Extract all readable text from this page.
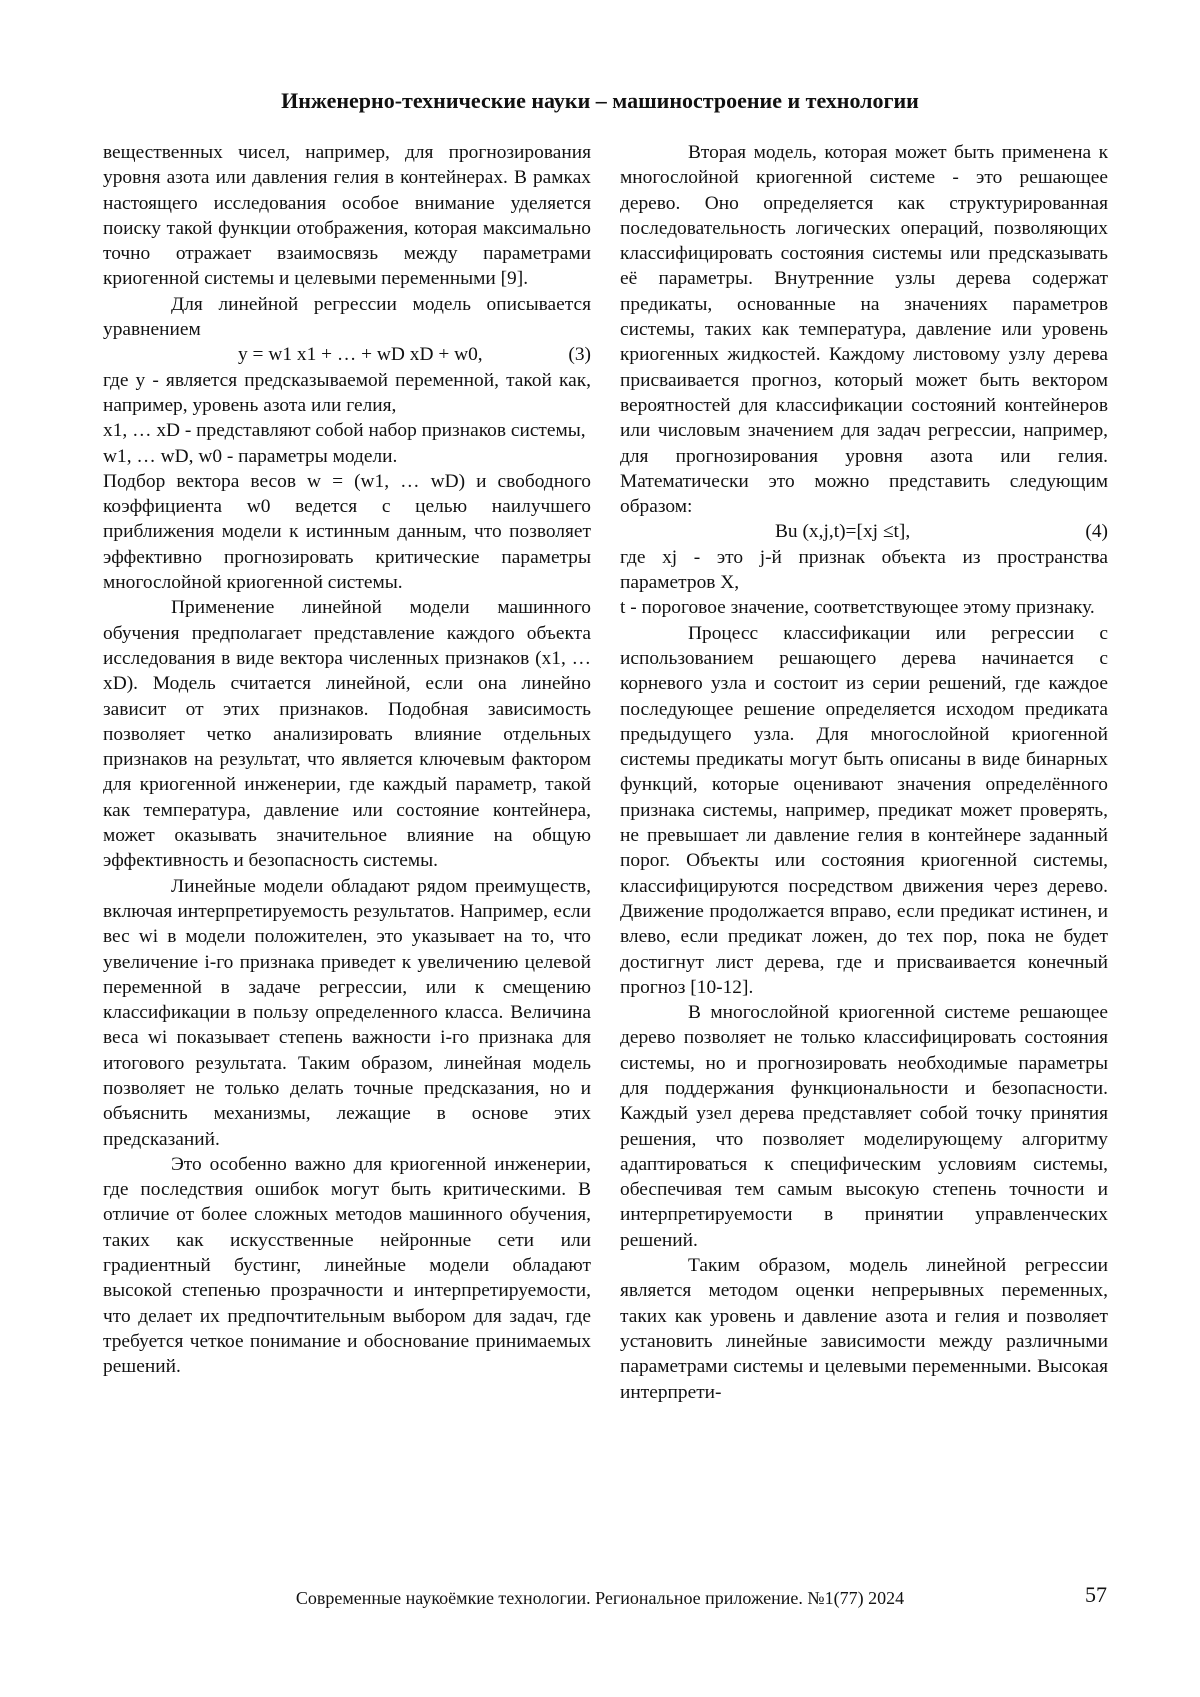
Инженерно-технические науки – машиностроение и технологии

вещественных чисел, например, для прогнозирования уровня азота или давления гелия в контейнерах. В рамках настоящего исследования особое внимание уделяется поиску такой функции отображения, которая максимально точно отражает взаимосвязь между параметрами криогенной системы и целевыми переменными [9].

Для линейной регрессии модель описывается уравнением

y = w1 x1 + … + wD xD + w0,	(3)

где y - является предсказываемой переменной, такой как, например, уровень азота или гелия,

x1, … xD - представляют собой набор признаков системы,

w1, … wD, w0 - параметры модели.

Подбор вектора весов w = (w1, … wD) и свободного коэффициента w0 ведется с целью наилучшего приближения модели к истинным данным, что позволяет эффективно прогнозировать критические параметры многослойной криогенной системы.

Применение линейной модели машинного обучения предполагает представление каждого объекта исследования в виде вектора численных признаков (x1, … xD). Модель считается линейной, если она линейно зависит от этих признаков. Подобная зависимость позволяет четко анализировать влияние отдельных признаков на результат, что является ключевым фактором для криогенной инженерии, где каждый параметр, такой как температура, давление или состояние контейнера, может оказывать значительное влияние на общую эффективность и безопасность системы.

Линейные модели обладают рядом преимуществ, включая интерпретируемость результатов. Например, если вес wi в модели положителен, это указывает на то, что увеличение i-го признака приведет к увеличению целевой переменной в задаче регрессии, или к смещению классификации в пользу определенного класса. Величина веса wi показывает степень важности i-го признака для итогового результата. Таким образом, линейная модель позволяет не только делать точные предсказания, но и объяснить механизмы, лежащие в основе этих предсказаний.

Это особенно важно для криогенной инженерии, где последствия ошибок могут быть критическими. В отличие от более сложных методов машинного обучения, таких как искусственные нейронные сети или градиентный бустинг, линейные модели обладают высокой степенью прозрачности и интерпретируемости, что делает их предпочтительным выбором для задач, где требуется четкое понимание и обоснование принимаемых решений.

Вторая модель, которая может быть применена к многослойной криогенной системе - это решающее дерево. Оно определяется как структурированная последовательность логических операций, позволяющих классифицировать состояния системы или предсказывать её параметры. Внутренние узлы дерева содержат предикаты, основанные на значениях параметров системы, таких как температура, давление или уровень криогенных жидкостей. Каждому листовому узлу дерева присваивается прогноз, который может быть вектором вероятностей для классификации состояний контейнеров или числовым значением для задач регрессии, например, для прогнозирования уровня азота или гелия. Математически это можно представить следующим образом:

Bu (x,j,t)=[xj ≤t],	(4)

где xj - это j-й признак объекта из пространства параметров X,

t - пороговое значение, соответствующее этому признаку.

Процесс классификации или регрессии с использованием решающего дерева начинается с корневого узла и состоит из серии решений, где каждое последующее решение определяется исходом предиката предыдущего узла. Для многослойной криогенной системы предикаты могут быть описаны в виде бинарных функций, которые оценивают значения определённого признака системы, например, предикат может проверять, не превышает ли давление гелия в контейнере заданный порог. Объекты или состояния криогенной системы, классифицируются посредством движения через дерево. Движение продолжается вправо, если предикат истинен, и влево, если предикат ложен, до тех пор, пока не будет достигнут лист дерева, где и присваивается конечный прогноз [10-12].

В многослойной криогенной системе решающее дерево позволяет не только классифицировать состояния системы, но и прогнозировать необходимые параметры для поддержания функциональности и безопасности. Каждый узел дерева представляет собой точку принятия решения, что позволяет моделирующему алгоритму адаптироваться к специфическим условиям системы, обеспечивая тем самым высокую степень точности и интерпретируемости в принятии управленческих решений.

Таким образом, модель линейной регрессии является методом оценки непрерывных переменных, таких как уровень и давление азота и гелия и позволяет установить линейные зависимости между различными параметрами системы и целевыми переменными. Высокая интерпрети-

Современные наукоёмкие технологии. Региональное приложение. №1(77) 2024	57
